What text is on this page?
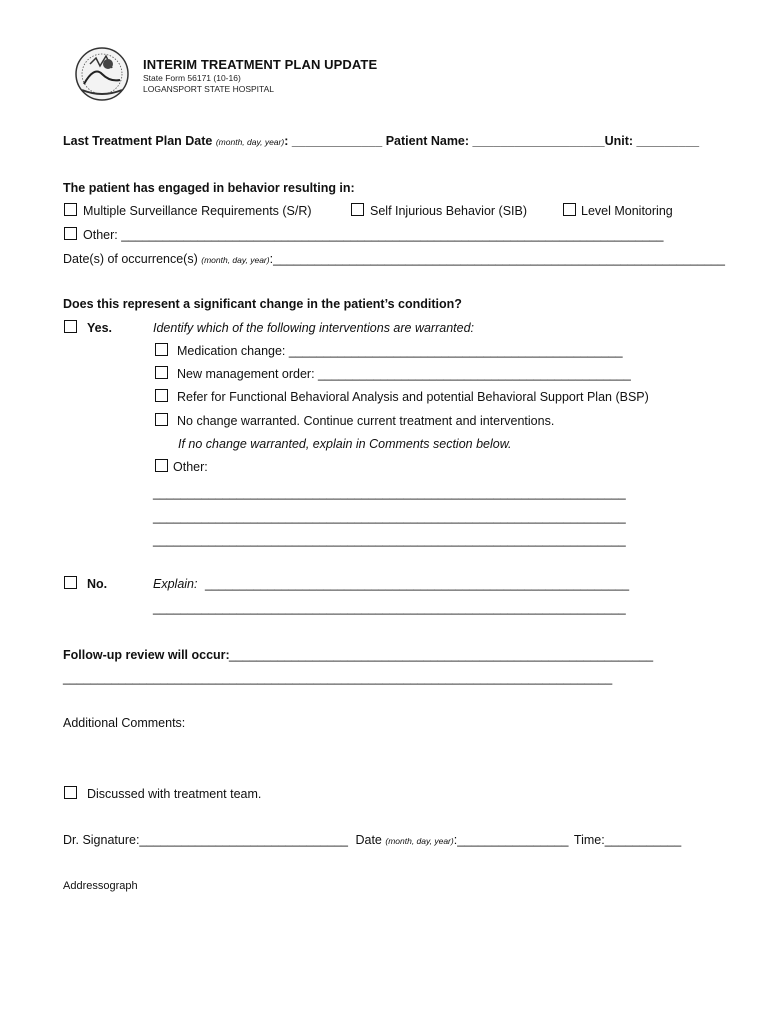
INTERIM TREATMENT PLAN UPDATE
State Form 56171 (10-16)
LOGANSPORT STATE HOSPITAL
Last Treatment Plan Date (month, day, year): _____________ Patient Name: ___________________Unit: _________
The patient has engaged in behavior resulting in:
Multiple Surveillance Requirements (S/R)	Self Injurious Behavior (SIB)	Level Monitoring
Other: ______________________________________________________________________________
Date(s) of occurrence(s) (month, day, year):_________________________________________________________________
Does this represent a significant change in the patient’s condition?
Yes.	Identify which of the following interventions are warranted:
Medication change: ________________________________________________
New management order: _____________________________________________
Refer for Functional Behavioral Analysis and potential Behavioral Support Plan (BSP)
No change warranted. Continue current treatment and interventions.
If no change warranted, explain in Comments section below.
Other:
____________________________________________________________________
____________________________________________________________________
____________________________________________________________________
No.	Explain: _____________________________________________________________
____________________________________________________________________
Follow-up review will occur: _____________________________________________________________
_______________________________________________________________________________
Additional Comments:
Discussed with treatment team.
Dr. Signature:______________________________ Date (month, day, year):________________ Time:___________
Addressograph
